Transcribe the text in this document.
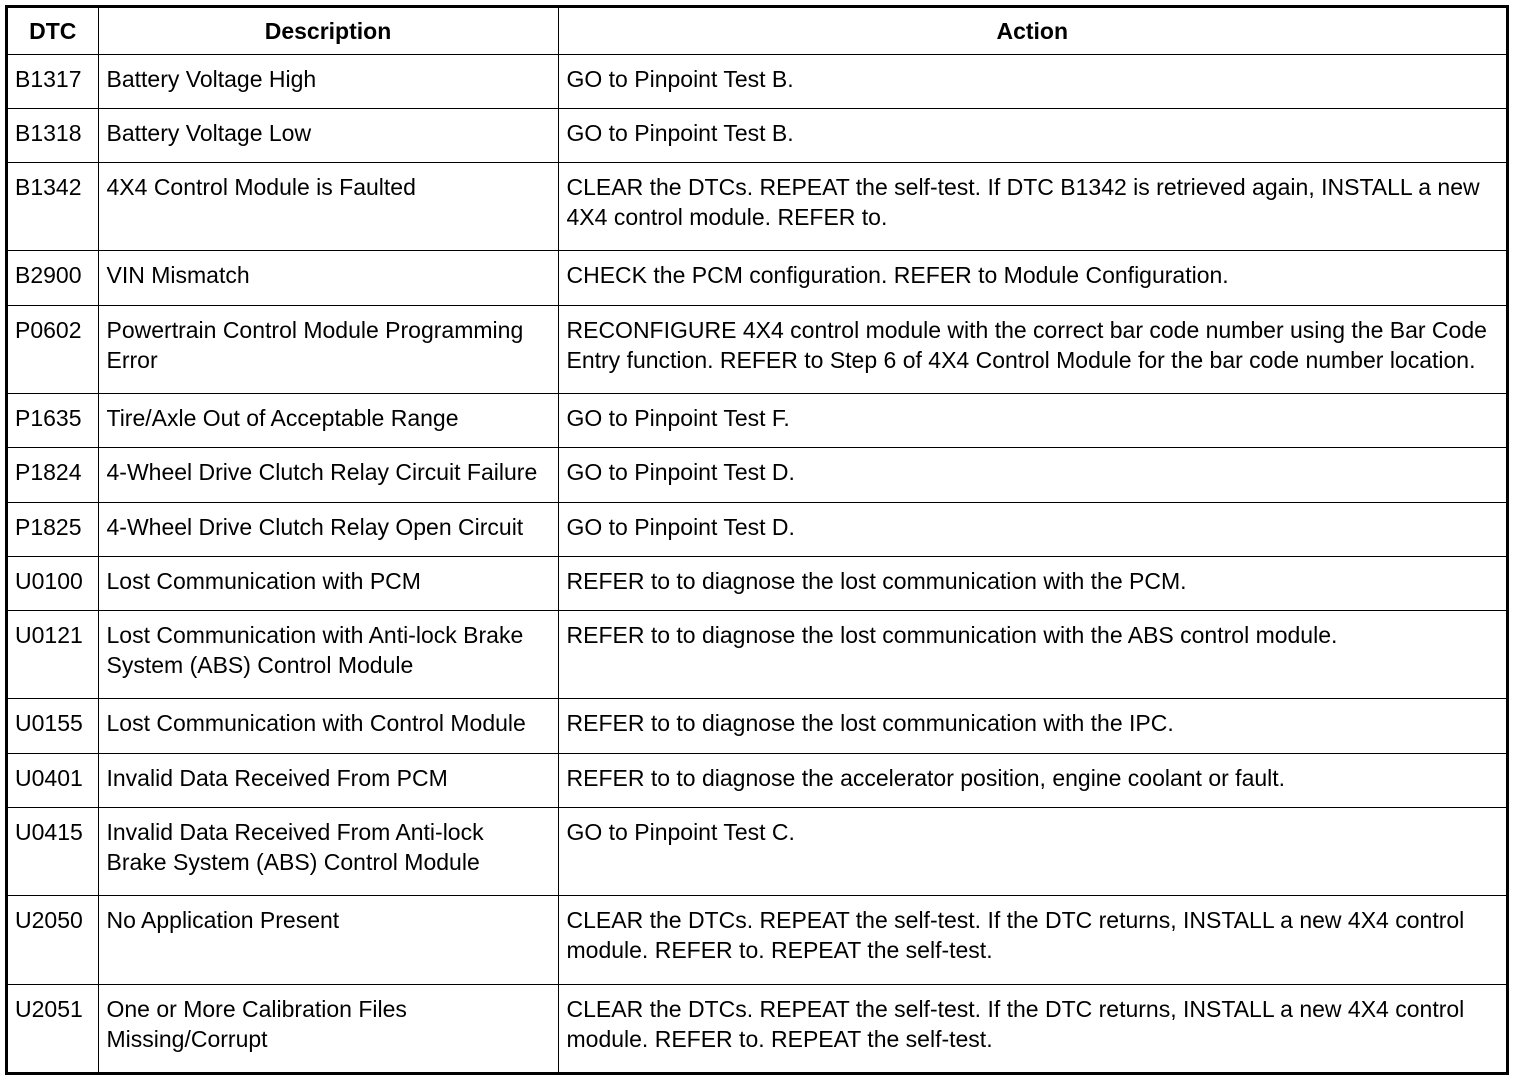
DTC	Description	Action
B1317	Battery Voltage High	GO to Pinpoint Test B.
B1318	Battery Voltage Low	GO to Pinpoint Test B.
B1342	4X4 Control Module is Faulted	CLEAR the DTCs. REPEAT the self-test. If DTC B1342 is retrieved again, INSTALL a new 4X4 control module. REFER to.
B2900	VIN Mismatch	CHECK the PCM configuration. REFER to Module Configuration.
P0602	Powertrain Control Module Programming Error	RECONFIGURE 4X4 control module with the correct bar code number using the Bar Code Entry function. REFER to Step 6 of 4X4 Control Module for the bar code number location.
P1635	Tire/Axle Out of Acceptable Range	GO to Pinpoint Test F.
P1824	4-Wheel Drive Clutch Relay Circuit Failure	GO to Pinpoint Test D.
P1825	4-Wheel Drive Clutch Relay Open Circuit	GO to Pinpoint Test D.
U0100	Lost Communication with PCM	REFER to to diagnose the lost communication with the PCM.
U0121	Lost Communication with Anti-lock Brake System (ABS) Control Module	REFER to to diagnose the lost communication with the ABS control module.
U0155	Lost Communication with Control Module	REFER to to diagnose the lost communication with the IPC.
U0401	Invalid Data Received From PCM	REFER to to diagnose the accelerator position, engine coolant or fault.
U0415	Invalid Data Received From Anti-lock Brake System (ABS) Control Module	GO to Pinpoint Test C.
U2050	No Application Present	CLEAR the DTCs. REPEAT the self-test. If the DTC returns, INSTALL a new 4X4 control module. REFER to. REPEAT the self-test.
U2051	One or More Calibration Files Missing/Corrupt	CLEAR the DTCs. REPEAT the self-test. If the DTC returns, INSTALL a new 4X4 control module. REFER to. REPEAT the self-test.
